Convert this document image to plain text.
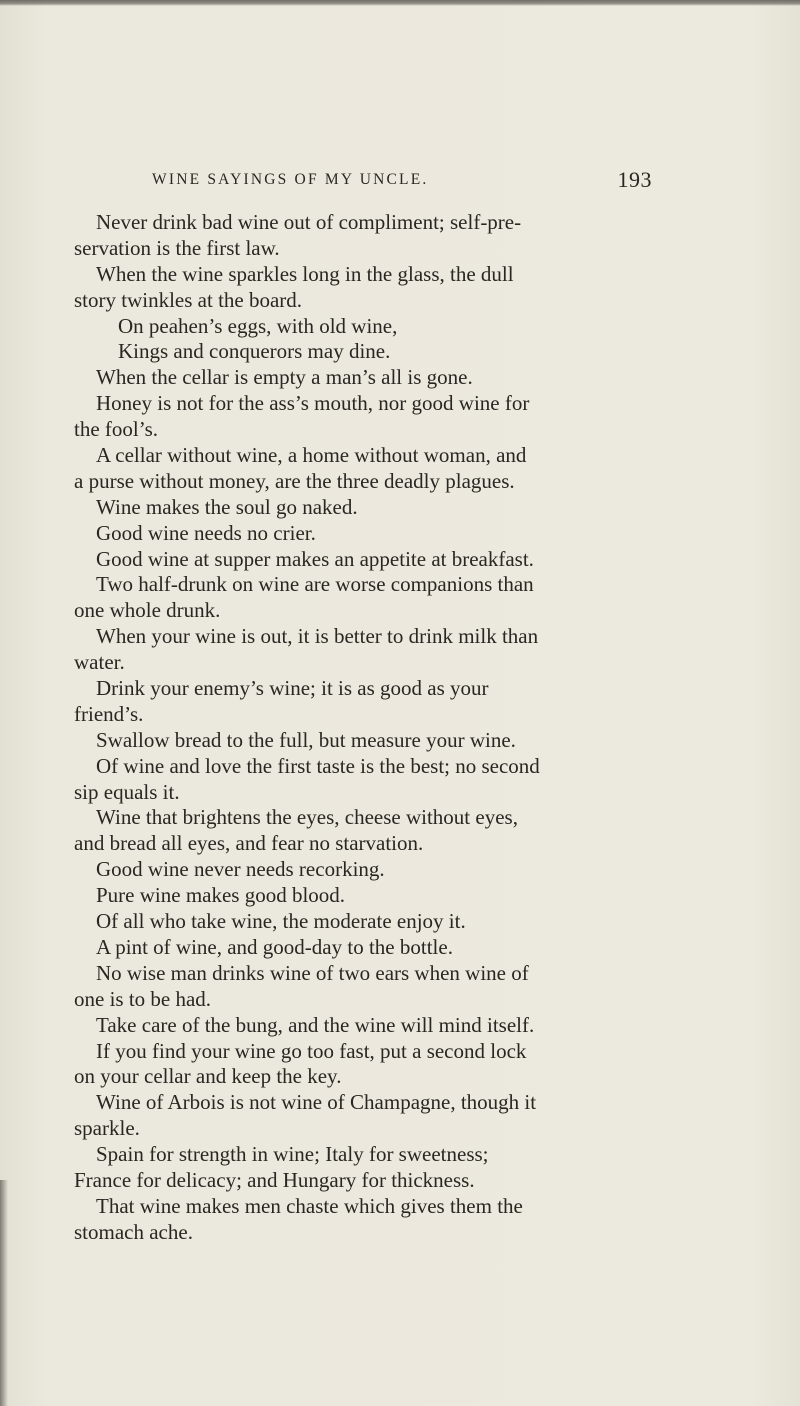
WINE SAYINGS OF MY UNCLE.	193
Never drink bad wine out of compliment; self-pre-
servation is the first law.
When the wine sparkles long in the glass, the dull
story twinkles at the board.
On peahen’s eggs, with old wine,
Kings and conquerors may dine.
When the cellar is empty a man’s all is gone.
Honey is not for the ass’s mouth, nor good wine for
the fool’s.
A cellar without wine, a home without woman, and
a purse without money, are the three deadly plagues.
Wine makes the soul go naked.
Good wine needs no crier.
Good wine at supper makes an appetite at breakfast.
Two half-drunk on wine are worse companions than
one whole drunk.
When your wine is out, it is better to drink milk than
water.
Drink your enemy’s wine; it is as good as your
friend’s.
Swallow bread to the full, but measure your wine.
Of wine and love the first taste is the best; no second
sip equals it.
Wine that brightens the eyes, cheese without eyes,
and bread all eyes, and fear no starvation.
Good wine never needs recorking.
Pure wine makes good blood.
Of all who take wine, the moderate enjoy it.
A pint of wine, and good-day to the bottle.
No wise man drinks wine of two ears when wine of
one is to be had.
Take care of the bung, and the wine will mind itself.
If you find your wine go too fast, put a second lock
on your cellar and keep the key.
Wine of Arbois is not wine of Champagne, though it
sparkle.
Spain for strength in wine; Italy for sweetness;
France for delicacy; and Hungary for thickness.
That wine makes men chaste which gives them the
stomach ache.
